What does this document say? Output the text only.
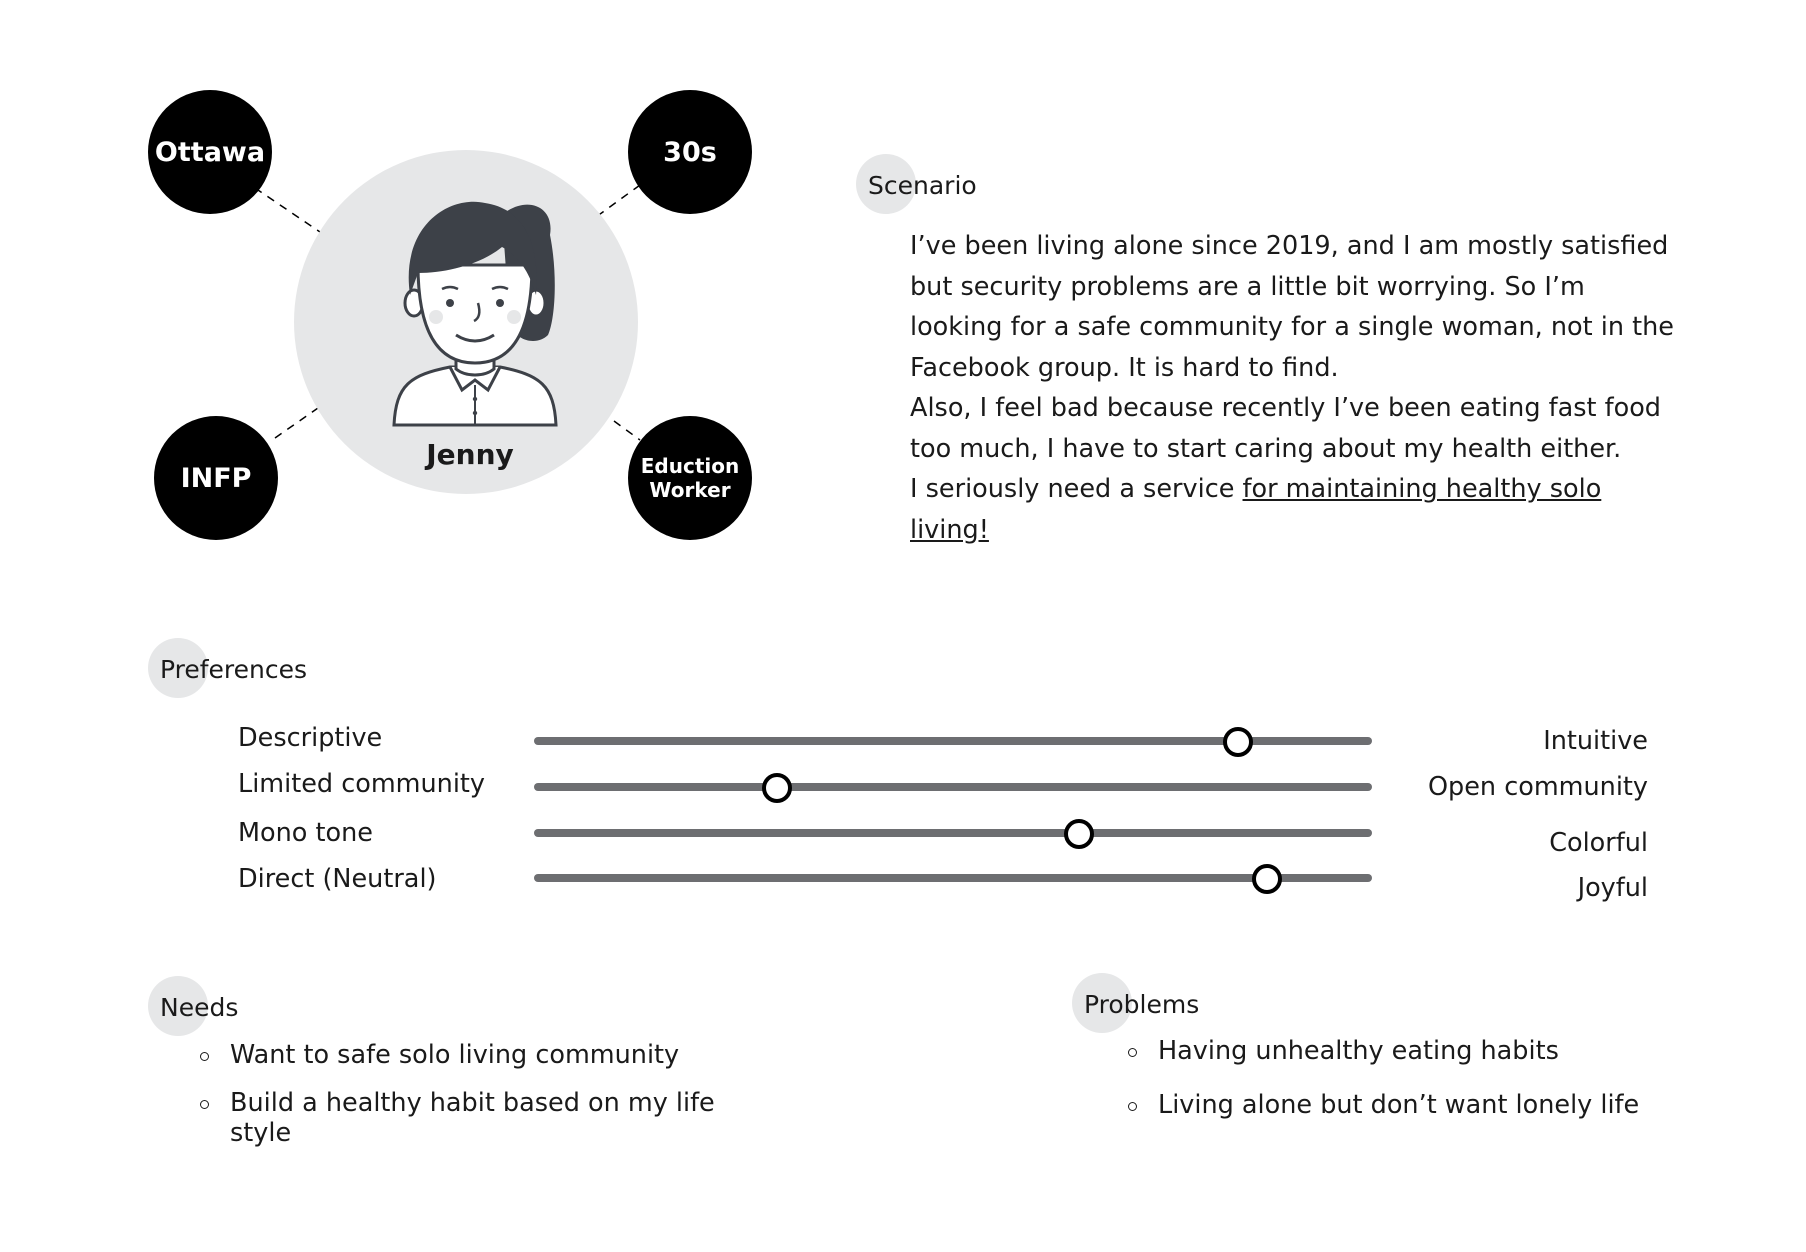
Jenny
Ottawa	30s
INFP	Eduction
Worker
Scenario

I’ve been living alone since 2019, and I am mostly satisfied but security problems are a little bit worrying. So I’m looking for a safe community for a single woman, not in the Facebook group. It is hard to find.

Also, I feel bad because recently I’ve been eating fast food too much, I have to start caring about my health either.

I seriously need a service for maintaining healthy solo living!

Preferences
Descriptive	Intuitive
Limited community	Open community
Mono tone	Colorful
Direct (Neutral)	Joyful
Needs
Want to safe solo living community
Build a healthy habit based on my life style
Problems
Having unhealthy eating habits
Living alone but don’t want lonely life
